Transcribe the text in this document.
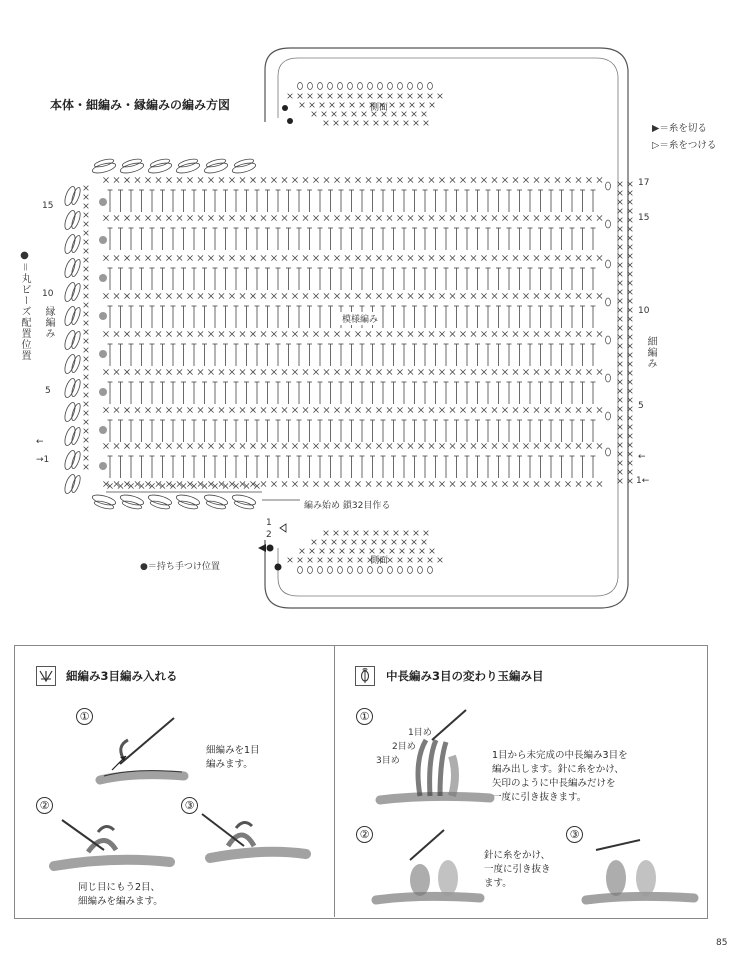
本体・細編み・縁編みの編み方図
▶＝糸を切る
▷＝糸をつける
側面
側面
模様編み
編み始め 鎖32目作る
●＝持ち手つけ位置
●＝丸ビーズ配置位置 縁編み
細編み
15
10
5
17
15
10
5
←
→1	←
1←
1
2
細編み3目編み入れる
①
細編みを1目
編みます。
②	③
同じ目にもう2目、
細編みを編みます。
中長編み3目の変わり玉編み目
①
1目から未完成の中長編み3目を
編み出します。針に糸をかけ、
矢印のように中長編みだけを
一度に引き抜きます。
1目め
2目め
3目め
②	③
針に糸をかけ、
一度に引き抜き
ます。
85
